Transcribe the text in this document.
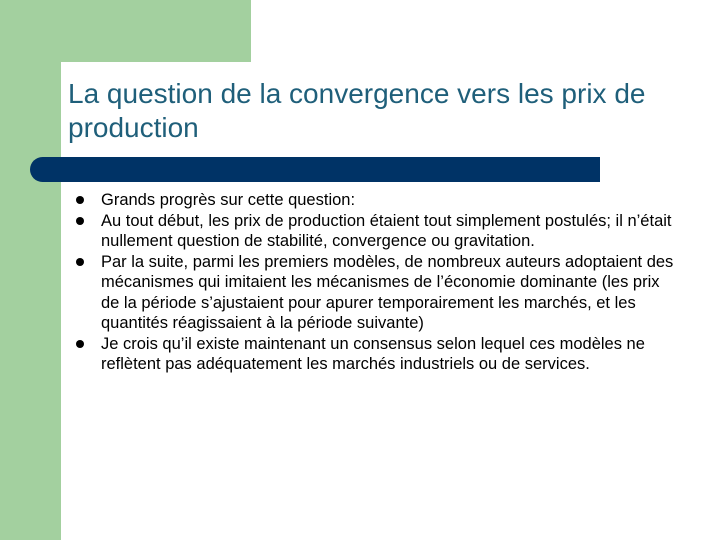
La question de la convergence vers les prix de production
Grands progrès sur cette question:
Au tout début, les prix de production étaient tout simplement postulés; il n’était nullement question de stabilité, convergence ou gravitation.
Par la suite, parmi les premiers modèles, de nombreux auteurs adoptaient des mécanismes qui imitaient les mécanismes de l’économie dominante (les prix de la période s’ajustaient pour apurer temporairement les marchés, et les quantités réagissaient à la période suivante)
Je crois qu’il existe maintenant un consensus selon lequel ces modèles ne reflètent pas adéquatement les marchés industriels ou de services.
